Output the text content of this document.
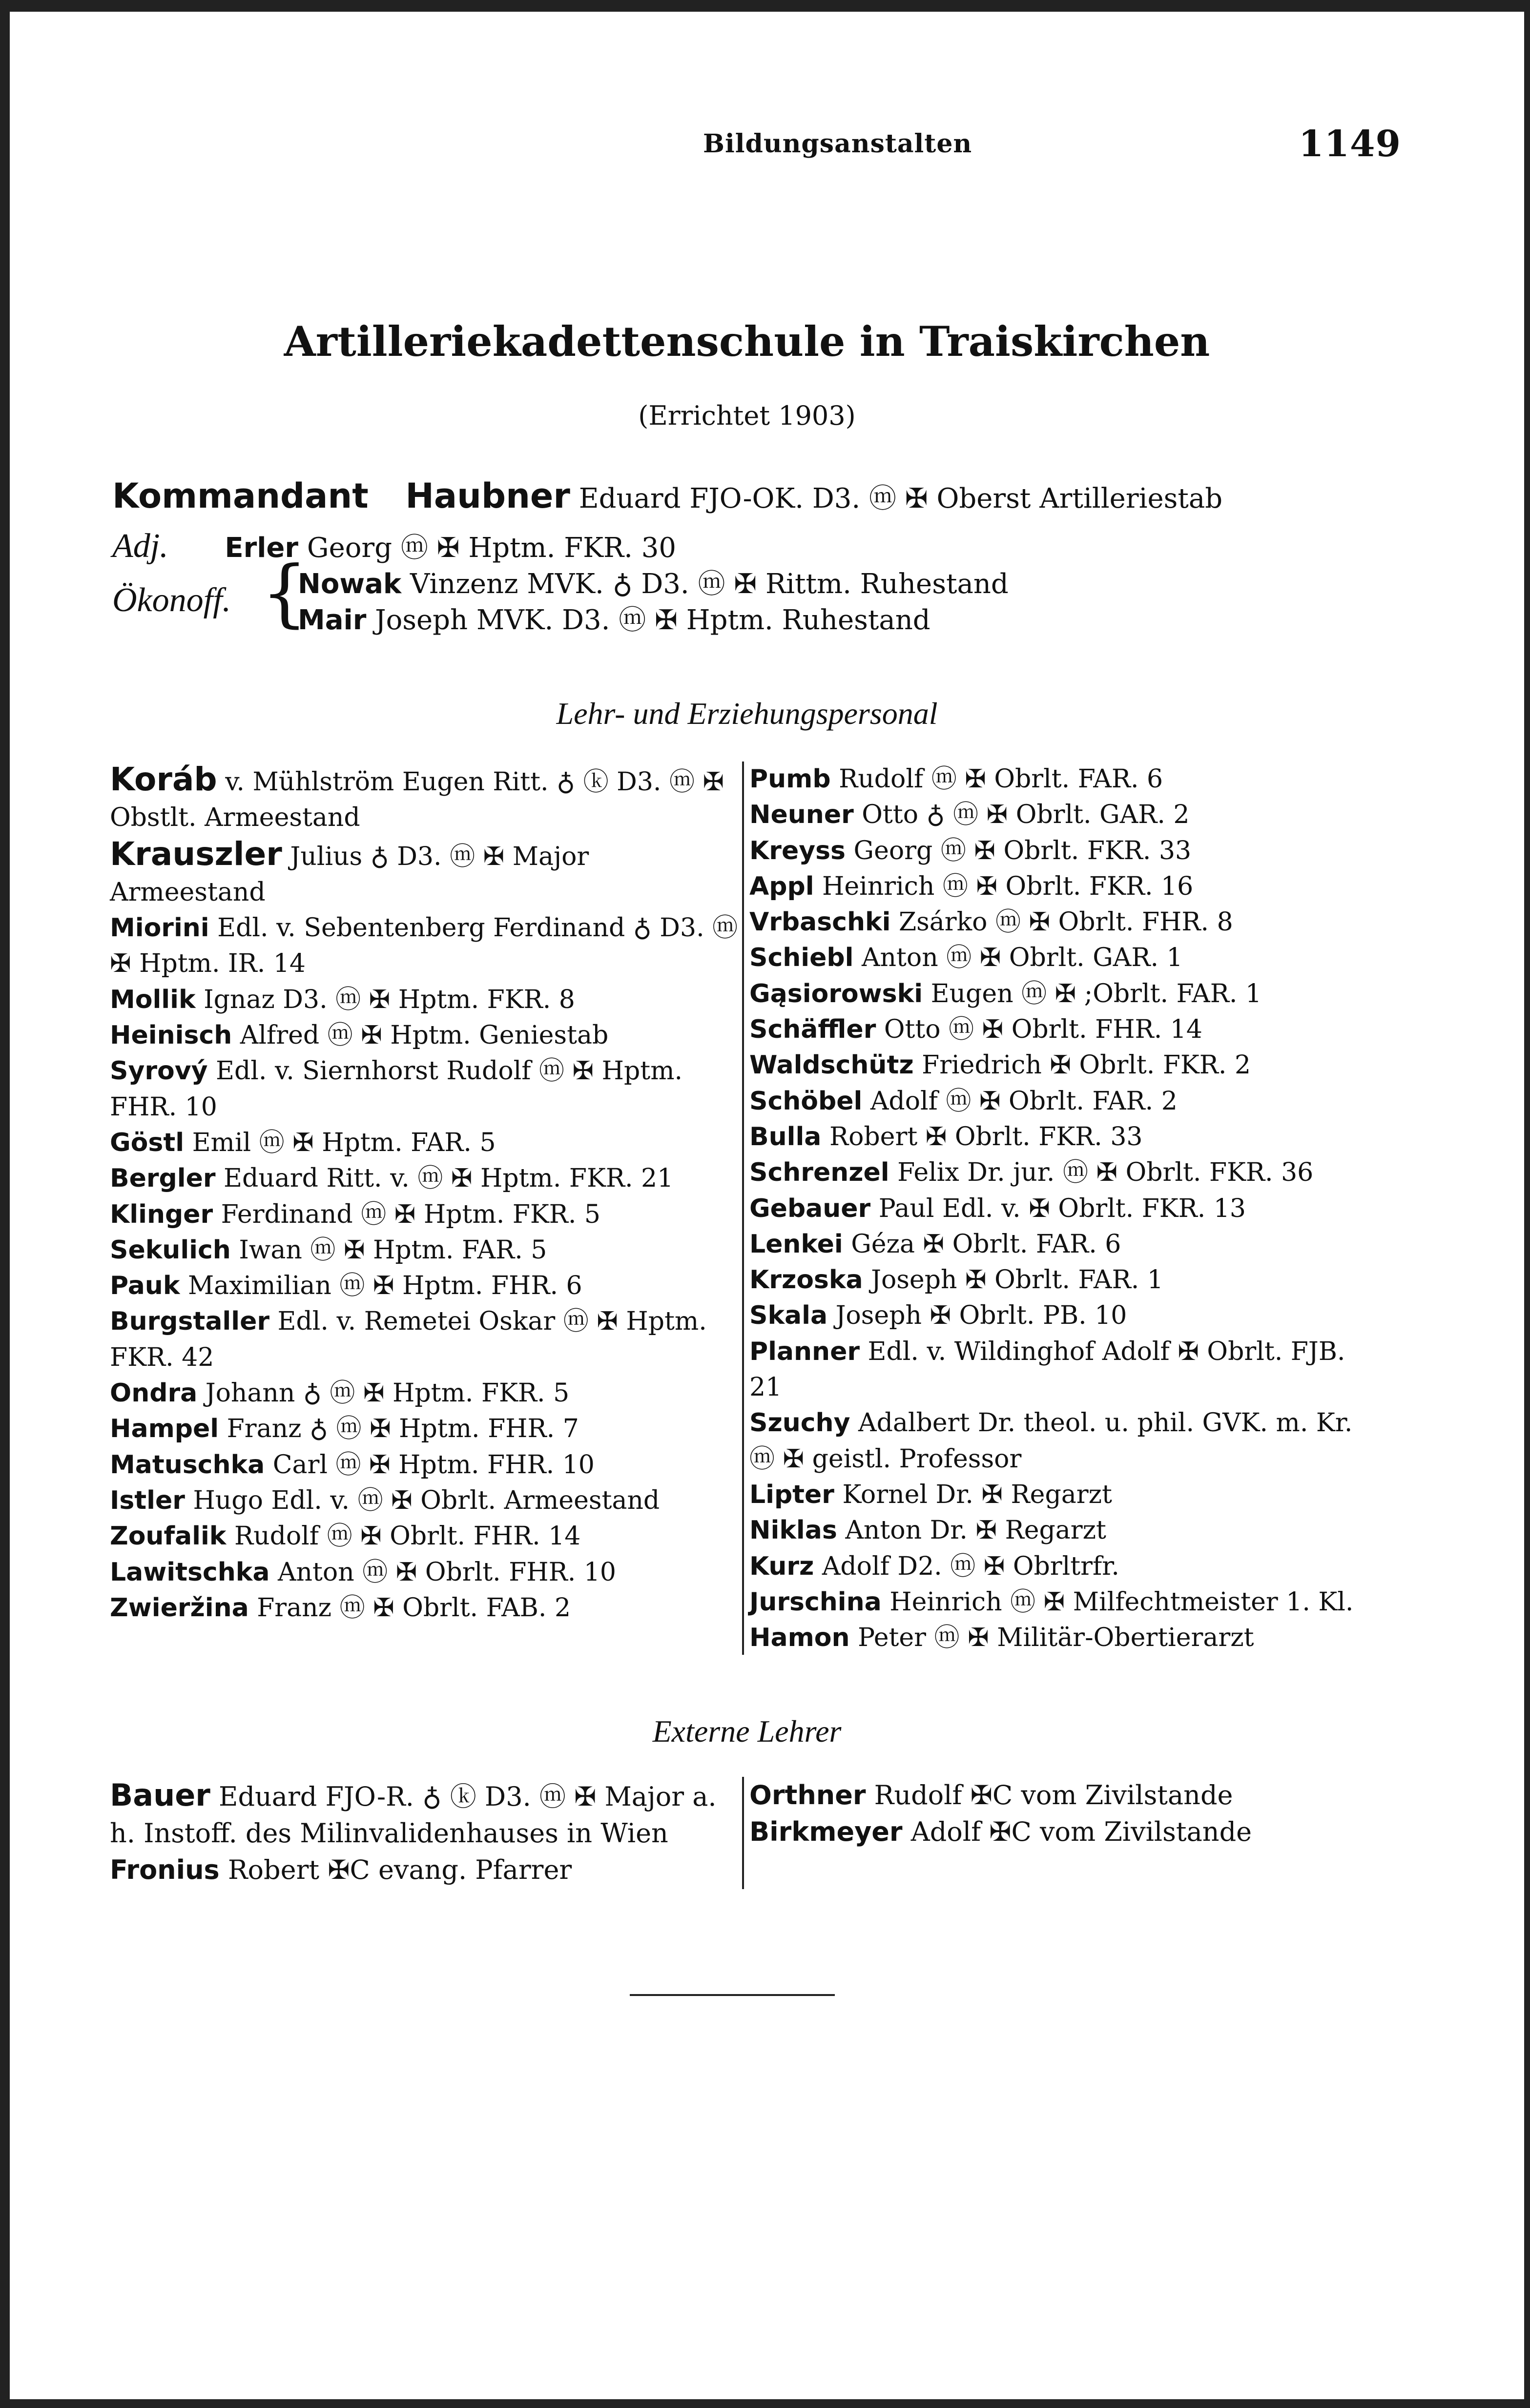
Bildungsanstalten	1149
Artilleriekadettenschule in Traiskirchen
(Errichtet 1903)
Kommandant Haubner Eduard FJO-OK. D3. ⓜ ✠ Oberst Artilleriestab
Adj. Erler Georg ⓜ ✠ Hptm. FKR. 30
Ökonoff. {
Nowak Vinzenz MVK. ♁ D3. ⓜ ✠ Rittm. Ruhestand
Mair Joseph MVK. D3. ⓜ ✠ Hptm. Ruhestand
Lehr- und Erziehungspersonal
Koráb v. Mühlström Eugen Ritt. ♁ ⓚ D3. ⓜ ✠ Obstlt. Armeestand
Krauszler Julius ♁ D3. ⓜ ✠ Major Armeestand
Miorini Edl. v. Sebentenberg Ferdinand ♁ D3. ⓜ ✠ Hptm. IR. 14
Mollik Ignaz D3. ⓜ ✠ Hptm. FKR. 8
Heinisch Alfred ⓜ ✠ Hptm. Geniestab
Syrový Edl. v. Siernhorst Rudolf ⓜ ✠ Hptm. FHR. 10
Göstl Emil ⓜ ✠ Hptm. FAR. 5
Bergler Eduard Ritt. v. ⓜ ✠ Hptm. FKR. 21
Klinger Ferdinand ⓜ ✠ Hptm. FKR. 5
Sekulich Iwan ⓜ ✠ Hptm. FAR. 5
Pauk Maximilian ⓜ ✠ Hptm. FHR. 6
Burgstaller Edl. v. Remetei Oskar ⓜ ✠ Hptm. FKR. 42
Ondra Johann ♁ ⓜ ✠ Hptm. FKR. 5
Hampel Franz ♁ ⓜ ✠ Hptm. FHR. 7
Matuschka Carl ⓜ ✠ Hptm. FHR. 10
Istler Hugo Edl. v. ⓜ ✠ Obrlt. Armeestand
Zoufalik Rudolf ⓜ ✠ Obrlt. FHR. 14
Lawitschka Anton ⓜ ✠ Obrlt. FHR. 10
Zwieržina Franz ⓜ ✠ Obrlt. FAB. 2
Pumb Rudolf ⓜ ✠ Obrlt. FAR. 6
Neuner Otto ♁ ⓜ ✠ Obrlt. GAR. 2
Kreyss Georg ⓜ ✠ Obrlt. FKR. 33
Appl Heinrich ⓜ ✠ Obrlt. FKR. 16
Vrbaschki Zsárko ⓜ ✠ Obrlt. FHR. 8
Schiebl Anton ⓜ ✠ Obrlt. GAR. 1
Gąsiorowski Eugen ⓜ ✠ ;Obrlt. FAR. 1
Schäffler Otto ⓜ ✠ Obrlt. FHR. 14
Waldschütz Friedrich ✠ Obrlt. FKR. 2
Schöbel Adolf ⓜ ✠ Obrlt. FAR. 2
Bulla Robert ✠ Obrlt. FKR. 33
Schrenzel Felix Dr. jur. ⓜ ✠ Obrlt. FKR. 36
Gebauer Paul Edl. v. ✠ Obrlt. FKR. 13
Lenkei Géza ✠ Obrlt. FAR. 6
Krzoska Joseph ✠ Obrlt. FAR. 1
Skala Joseph ✠ Obrlt. PB. 10
Planner Edl. v. Wildinghof Adolf ✠ Obrlt. FJB. 21
Szuchy Adalbert Dr. theol. u. phil. GVK. m. Kr. ⓜ ✠ geistl. Professor
Lipter Kornel Dr. ✠ Regarzt
Niklas Anton Dr. ✠ Regarzt
Kurz Adolf D2. ⓜ ✠ Obrltrfr.
Jurschina Heinrich ⓜ ✠ Milfechtmeister 1. Kl.
Hamon Peter ⓜ ✠ Militär-Obertierarzt
Externe Lehrer
Bauer Eduard FJO-R. ♁ ⓚ D3. ⓜ ✠ Major a. h. Instoff. des Milinvalidenhauses in Wien
Fronius Robert ✠C evang. Pfarrer
Orthner Rudolf ✠C vom Zivilstande
Birkmeyer Adolf ✠C vom Zivilstande
